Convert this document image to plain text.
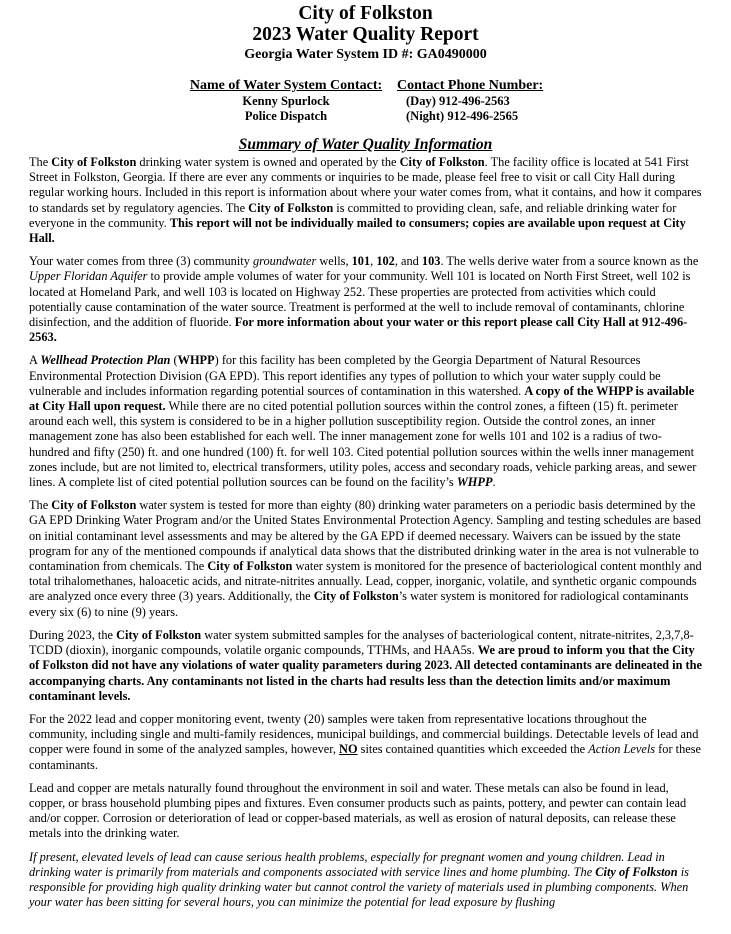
City of Folkston
2023 Water Quality Report
Georgia Water System ID #: GA0490000
Name of Water System Contact:
Kenny Spurlock
Police Dispatch
Contact Phone Number:
(Day) 912-496-2563
(Night) 912-496-2565
Summary of Water Quality Information

The City of Folkston drinking water system is owned and operated by the City of Folkston. The facility office is located at 541 First Street in Folkston, Georgia. If there are ever any comments or inquiries to be made, please feel free to visit or call City Hall during regular working hours. Included in this report is information about where your water comes from, what it contains, and how it compares to standards set by regulatory agencies. The City of Folkston is committed to providing clean, safe, and reliable drinking water for everyone in the community. This report will not be individually mailed to consumers; copies are available upon request at City Hall.

Your water comes from three (3) community groundwater wells, 101, 102, and 103. The wells derive water from a source known as the Upper Floridan Aquifer to provide ample volumes of water for your community. Well 101 is located on North First Street, well 102 is located at Homeland Park, and well 103 is located on Highway 252. These properties are protected from activities which could potentially cause contamination of the water source. Treatment is performed at the well to include removal of contaminants, chlorine disinfection, and the addition of fluoride. For more information about your water or this report please call City Hall at 912-496-2563.

A Wellhead Protection Plan (WHPP) for this facility has been completed by the Georgia Department of Natural Resources Environmental Protection Division (GA EPD). This report identifies any types of pollution to which your water supply could be vulnerable and includes information regarding potential sources of contamination in this watershed. A copy of the WHPP is available at City Hall upon request. While there are no cited potential pollution sources within the control zones, a fifteen (15) ft. perimeter around each well, this system is considered to be in a higher pollution susceptibility region. Outside the control zones, an inner management zone has also been established for each well. The inner management zone for wells 101 and 102 is a radius of two-hundred and fifty (250) ft. and one hundred (100) ft. for well 103. Cited potential pollution sources within the wells inner management zones include, but are not limited to, electrical transformers, utility poles, access and secondary roads, vehicle parking areas, and sewer lines. A complete list of cited potential pollution sources can be found on the facility’s WHPP.

The City of Folkston water system is tested for more than eighty (80) drinking water parameters on a periodic basis determined by the GA EPD Drinking Water Program and/or the United States Environmental Protection Agency. Sampling and testing schedules are based on initial contaminant level assessments and may be altered by the GA EPD if deemed necessary. Waivers can be issued by the state program for any of the mentioned compounds if analytical data shows that the distributed drinking water in the area is not vulnerable to contamination from chemicals. The City of Folkston water system is monitored for the presence of bacteriological content monthly and total trihalomethanes, haloacetic acids, and nitrate-nitrites annually. Lead, copper, inorganic, volatile, and synthetic organic compounds are analyzed once every three (3) years. Additionally, the City of Folkston’s water system is monitored for radiological contaminants every six (6) to nine (9) years.

During 2023, the City of Folkston water system submitted samples for the analyses of bacteriological content, nitrate-nitrites, 2,3,7,8-TCDD (dioxin), inorganic compounds, volatile organic compounds, TTHMs, and HAA5s. We are proud to inform you that the City of Folkston did not have any violations of water quality parameters during 2023. All detected contaminants are delineated in the accompanying charts. Any contaminants not listed in the charts had results less than the detection limits and/or maximum contaminant levels.

For the 2022 lead and copper monitoring event, twenty (20) samples were taken from representative locations throughout the community, including single and multi-family residences, municipal buildings, and commercial buildings. Detectable levels of lead and copper were found in some of the analyzed samples, however, NO sites contained quantities which exceeded the Action Levels for these contaminants.

Lead and copper are metals naturally found throughout the environment in soil and water. These metals can also be found in lead, copper, or brass household plumbing pipes and fixtures. Even consumer products such as paints, pottery, and pewter can contain lead and/or copper. Corrosion or deterioration of lead or copper-based materials, as well as erosion of natural deposits, can release these metals into the drinking water.

If present, elevated levels of lead can cause serious health problems, especially for pregnant women and young children. Lead in drinking water is primarily from materials and components associated with service lines and home plumbing. The City of Folkston is responsible for providing high quality drinking water but cannot control the variety of materials used in plumbing components. When your water has been sitting for several hours, you can minimize the potential for lead exposure by flushing
